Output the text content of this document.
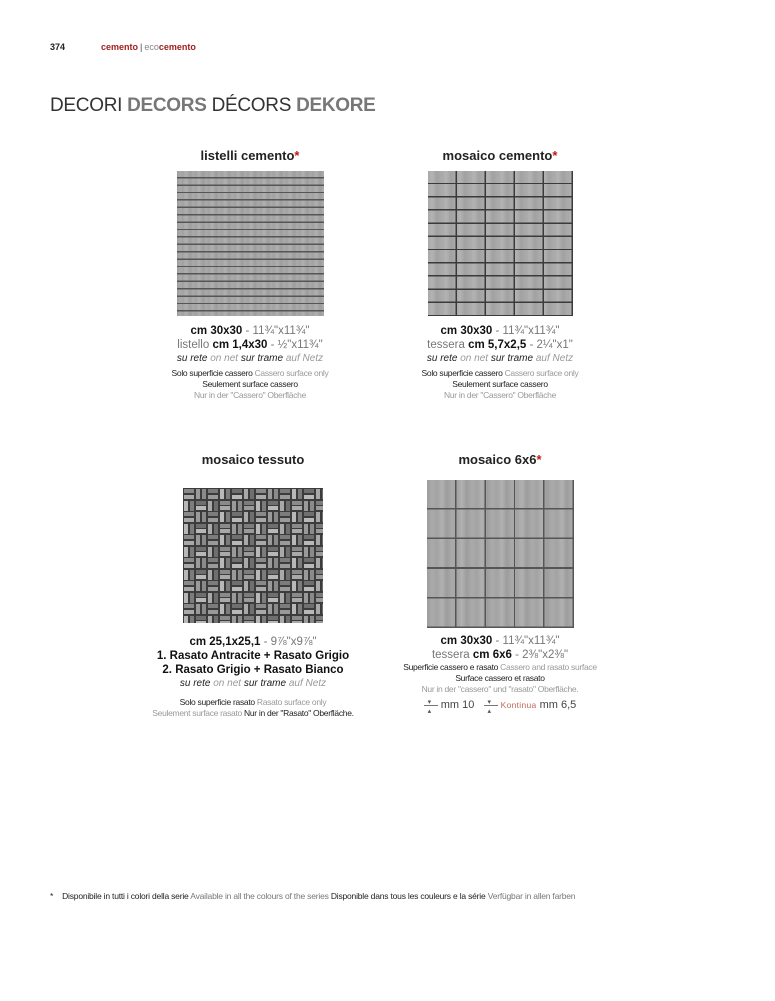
374	cemento | ecocemento
DECORI DECORS DÉCORS DEKORE
listelli cemento*
cm 30x30 - 11¾"x11¾"
listello cm 1,4x30 - ½"x11¾"
su rete on net sur trame auf Netz
Solo superficie cassero Cassero surface only
Seulement surface cassero
Nur in der "Cassero" Oberfläche
mosaico cemento*
cm 30x30 - 11¾"x11¾"
tessera cm 5,7x2,5 - 2¼"x1"
su rete on net sur trame auf Netz
Solo superficie cassero Cassero surface only
Seulement surface cassero
Nur in der "Cassero" Oberfläche
mosaico tessuto
cm 25,1x25,1 - 9⅞"x9⅞"
1. Rasato Antracite + Rasato Grigio
2. Rasato Grigio + Rasato Bianco
su rete on net sur trame auf Netz
Solo superficie rasato Rasato surface only
Seulement surface rasato Nur in der "Rasato" Oberfläche.
mosaico 6x6*
cm 30x30 - 11¾"x11¾"
tessera cm 6x6 - 2⅜"x2⅜"
Superficie cassero e rasato Cassero and rasato surface
Surface cassero et rasato
Nur in der "cassero" und "rasato" Oberfläche.
▴
▾ mm 10
▴
▾ Kontinua mm 6,5
* Disponibile in tutti i colori della serie Available in all the colours of the series Disponible dans tous les couleurs e la série Verfügbar in allen farben
